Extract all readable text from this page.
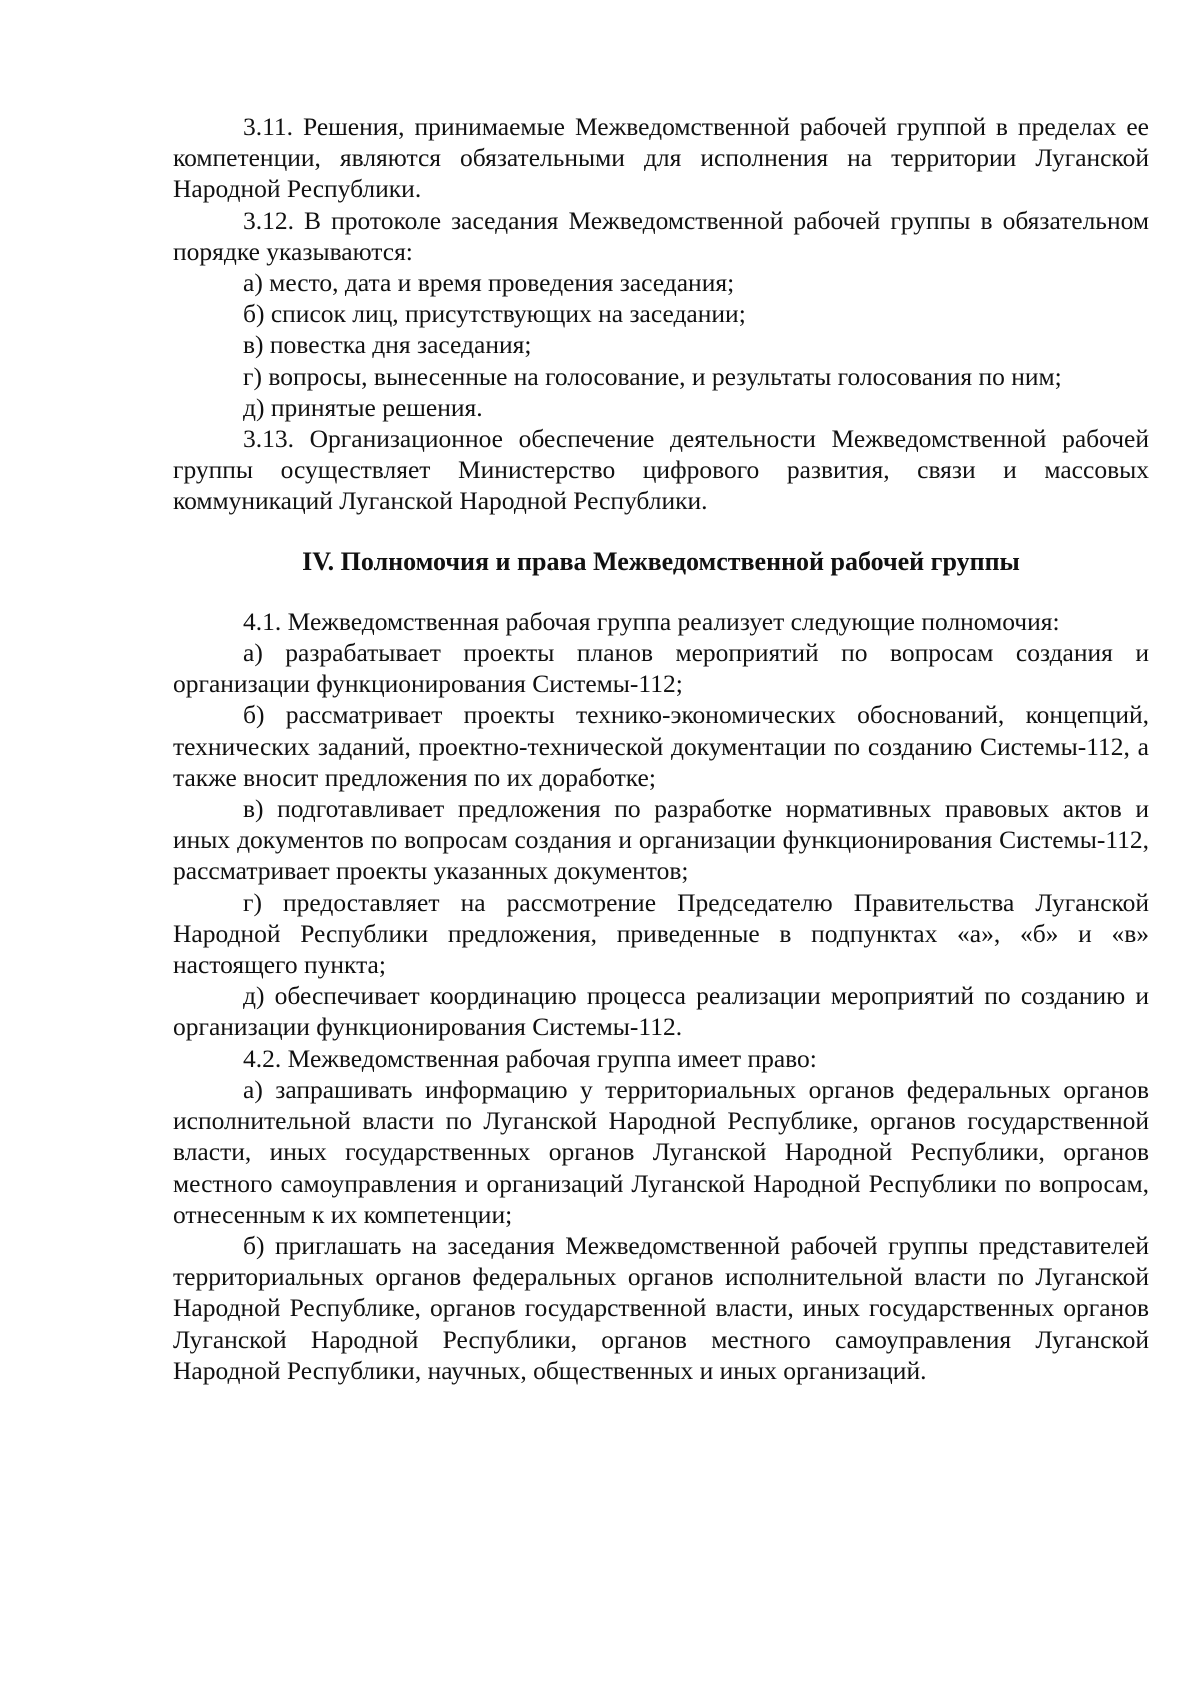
3.11. Решения, принимаемые Межведомственной рабочей группой в пределах ее компетенции, являются обязательными для исполнения на территории Луганской Народной Республики.

3.12. В протоколе заседания Межведомственной рабочей группы в обязательном порядке указываются:

а) место, дата и время проведения заседания;

б) список лиц, присутствующих на заседании;

в) повестка дня заседания;

г) вопросы, вынесенные на голосование, и результаты голосования по ним;

д) принятые решения.

3.13. Организационное обеспечение деятельности Межведомственной рабочей группы осуществляет Министерство цифрового развития, связи и массовых коммуникаций Луганской Народной Республики.

IV. Полномочия и права Межведомственной рабочей группы

4.1. Межведомственная рабочая группа реализует следующие полномочия:

а) разрабатывает проекты планов мероприятий по вопросам создания и организации функционирования Системы-112;

б) рассматривает проекты технико-экономических обоснований, концепций, технических заданий, проектно-технической документации по созданию Системы-112, а также вносит предложения по их доработке;

в) подготавливает предложения по разработке нормативных правовых актов и иных документов по вопросам создания и организации функционирования Системы-112, рассматривает проекты указанных документов;

г) предоставляет на рассмотрение Председателю Правительства Луганской Народной Республики предложения, приведенные в подпунктах «а», «б» и «в» настоящего пункта;

д) обеспечивает координацию процесса реализации мероприятий по созданию и организации функционирования Системы-112.

4.2. Межведомственная рабочая группа имеет право:

а) запрашивать информацию у территориальных органов федеральных органов исполнительной власти по Луганской Народной Республике, органов государственной власти, иных государственных органов Луганской Народной Республики, органов местного самоуправления и организаций Луганской Народной Республики по вопросам, отнесенным к их компетенции;

б) приглашать на заседания Межведомственной рабочей группы представителей территориальных органов федеральных органов исполнительной власти по Луганской Народной Республике, органов государственной власти, иных государственных органов Луганской Народной Республики, органов местного самоуправления Луганской Народной Республики, научных, общественных и иных организаций.
